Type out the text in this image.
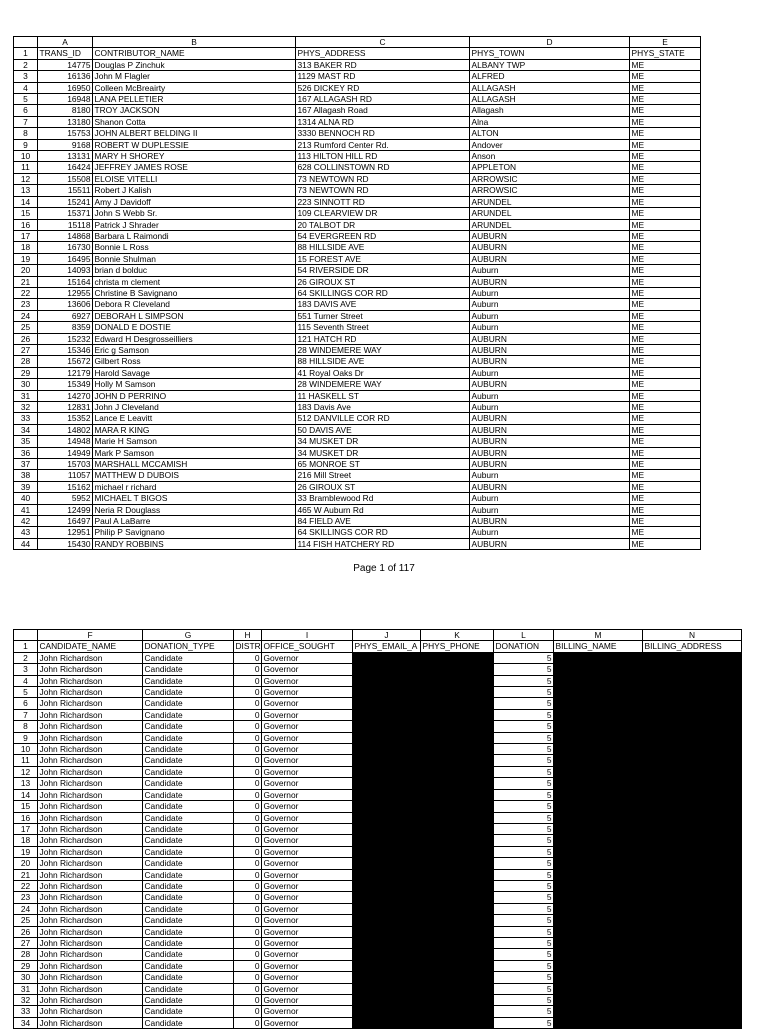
	A	B	C	D	E
1	TRANS_ID	CONTRIBUTOR_NAME	PHYS_ADDRESS	PHYS_TOWN	PHYS_STATE
2	14775	Douglas P Zinchuk	313 BAKER RD	ALBANY TWP	ME
3	16136	John M Flagler	1129 MAST RD	ALFRED	ME
4	16950	Colleen McBreairty	526 DICKEY RD	ALLAGASH	ME
5	16948	LANA PELLETIER	167 ALLAGASH RD	ALLAGASH	ME
6	8180	TROY JACKSON	167 Allagash Road	Allagash	ME
7	13180	Shanon Cotta	1314 ALNA RD	Alna	ME
8	15753	JOHN ALBERT BELDING II	3330 BENNOCH RD	ALTON	ME
9	9168	ROBERT W DUPLESSIE	213 Rumford Center Rd.	Andover	ME
10	13131	MARY H SHOREY	113 HILTON HILL RD	Anson	ME
11	16424	JEFFREY JAMES ROSE	628 COLLINSTOWN RD	APPLETON	ME
12	15508	ELOISE VITELLI	73 NEWTOWN RD	ARROWSIC	ME
13	15511	Robert J Kalish	73 NEWTOWN RD	ARROWSIC	ME
14	15241	Amy J Davidoff	223 SINNOTT RD	ARUNDEL	ME
15	15371	John S Webb Sr.	109 CLEARVIEW DR	ARUNDEL	ME
16	15118	Patrick J Shrader	20 TALBOT DR	ARUNDEL	ME
17	14868	Barbara L Raimondi	54 EVERGREEN RD	AUBURN	ME
18	16730	Bonnie L Ross	88 HILLSIDE AVE	AUBURN	ME
19	16495	Bonnie Shulman	15 FOREST AVE	AUBURN	ME
20	14093	brian d bolduc	54 RIVERSIDE DR	Auburn	ME
21	15164	christa m clement	26 GIROUX ST	AUBURN	ME
22	12955	Christine B Savignano	64 SKILLINGS COR RD	Auburn	ME
23	13606	Debora R Cleveland	183 DAVIS AVE	Auburn	ME
24	6927	DEBORAH L SIMPSON	551 Turner Street	Auburn	ME
25	8359	DONALD E DOSTIE	115 Seventh Street	Auburn	ME
26	15232	Edward H Desgrosseilliers	121 HATCH RD	AUBURN	ME
27	15346	Eric g Samson	28 WINDEMERE WAY	AUBURN	ME
28	15672	Gilbert Ross	88 HILLSIDE AVE	AUBURN	ME
29	12179	Harold Savage	41 Royal Oaks Dr	Auburn	ME
30	15349	Holly M Samson	28 WINDEMERE WAY	AUBURN	ME
31	14270	JOHN D PERRINO	11 HASKELL ST	Auburn	ME
32	12831	John J Cleveland	183 Davis Ave	Auburn	ME
33	15352	Lance E Leavitt	512 DANVILLE COR RD	AUBURN	ME
34	14802	MARA R KING	50 DAVIS AVE	AUBURN	ME
35	14948	Marie H Samson	34 MUSKET DR	AUBURN	ME
36	14949	Mark P Samson	34 MUSKET DR	AUBURN	ME
37	15703	MARSHALL MCCAMISH	65 MONROE ST	AUBURN	ME
38	11057	MATTHEW D DUBOIS	216 Mill Street	Auburn	ME
39	15162	michael r richard	26 GIROUX ST	AUBURN	ME
40	5952	MICHAEL T BIGOS	33 Bramblewood Rd	Auburn	ME
41	12499	Neria R Douglass	465 W Auburn Rd	Auburn	ME
42	16497	Paul A LaBarre	84 FIELD AVE	AUBURN	ME
43	12951	Philip P Savignano	64 SKILLINGS COR RD	Auburn	ME
44	15430	RANDY ROBBINS	114 FISH HATCHERY RD	AUBURN	ME
Page 1 of 117
	F	G	H	I	J	K	L	M	N
1	CANDIDATE_NAME	DONATION_TYPE	DISTR	OFFICE_SOUGHT	PHYS_EMAIL_A	PHYS_PHONE	DONATION	BILLING_NAME	BILLING_ADDRESS
2	John Richardson	Candidate	0	Governor			5		
3	John Richardson	Candidate	0	Governor			5		
4	John Richardson	Candidate	0	Governor			5		
5	John Richardson	Candidate	0	Governor			5		
6	John Richardson	Candidate	0	Governor			5		
7	John Richardson	Candidate	0	Governor			5		
8	John Richardson	Candidate	0	Governor			5		
9	John Richardson	Candidate	0	Governor			5		
10	John Richardson	Candidate	0	Governor			5		
11	John Richardson	Candidate	0	Governor			5		
12	John Richardson	Candidate	0	Governor			5		
13	John Richardson	Candidate	0	Governor			5		
14	John Richardson	Candidate	0	Governor			5		
15	John Richardson	Candidate	0	Governor			5		
16	John Richardson	Candidate	0	Governor			5		
17	John Richardson	Candidate	0	Governor			5		
18	John Richardson	Candidate	0	Governor			5		
19	John Richardson	Candidate	0	Governor			5		
20	John Richardson	Candidate	0	Governor			5		
21	John Richardson	Candidate	0	Governor			5		
22	John Richardson	Candidate	0	Governor			5		
23	John Richardson	Candidate	0	Governor			5		
24	John Richardson	Candidate	0	Governor			5		
25	John Richardson	Candidate	0	Governor			5		
26	John Richardson	Candidate	0	Governor			5		
27	John Richardson	Candidate	0	Governor			5		
28	John Richardson	Candidate	0	Governor			5		
29	John Richardson	Candidate	0	Governor			5		
30	John Richardson	Candidate	0	Governor			5		
31	John Richardson	Candidate	0	Governor			5		
32	John Richardson	Candidate	0	Governor			5		
33	John Richardson	Candidate	0	Governor			5		
34	John Richardson	Candidate	0	Governor			5		
